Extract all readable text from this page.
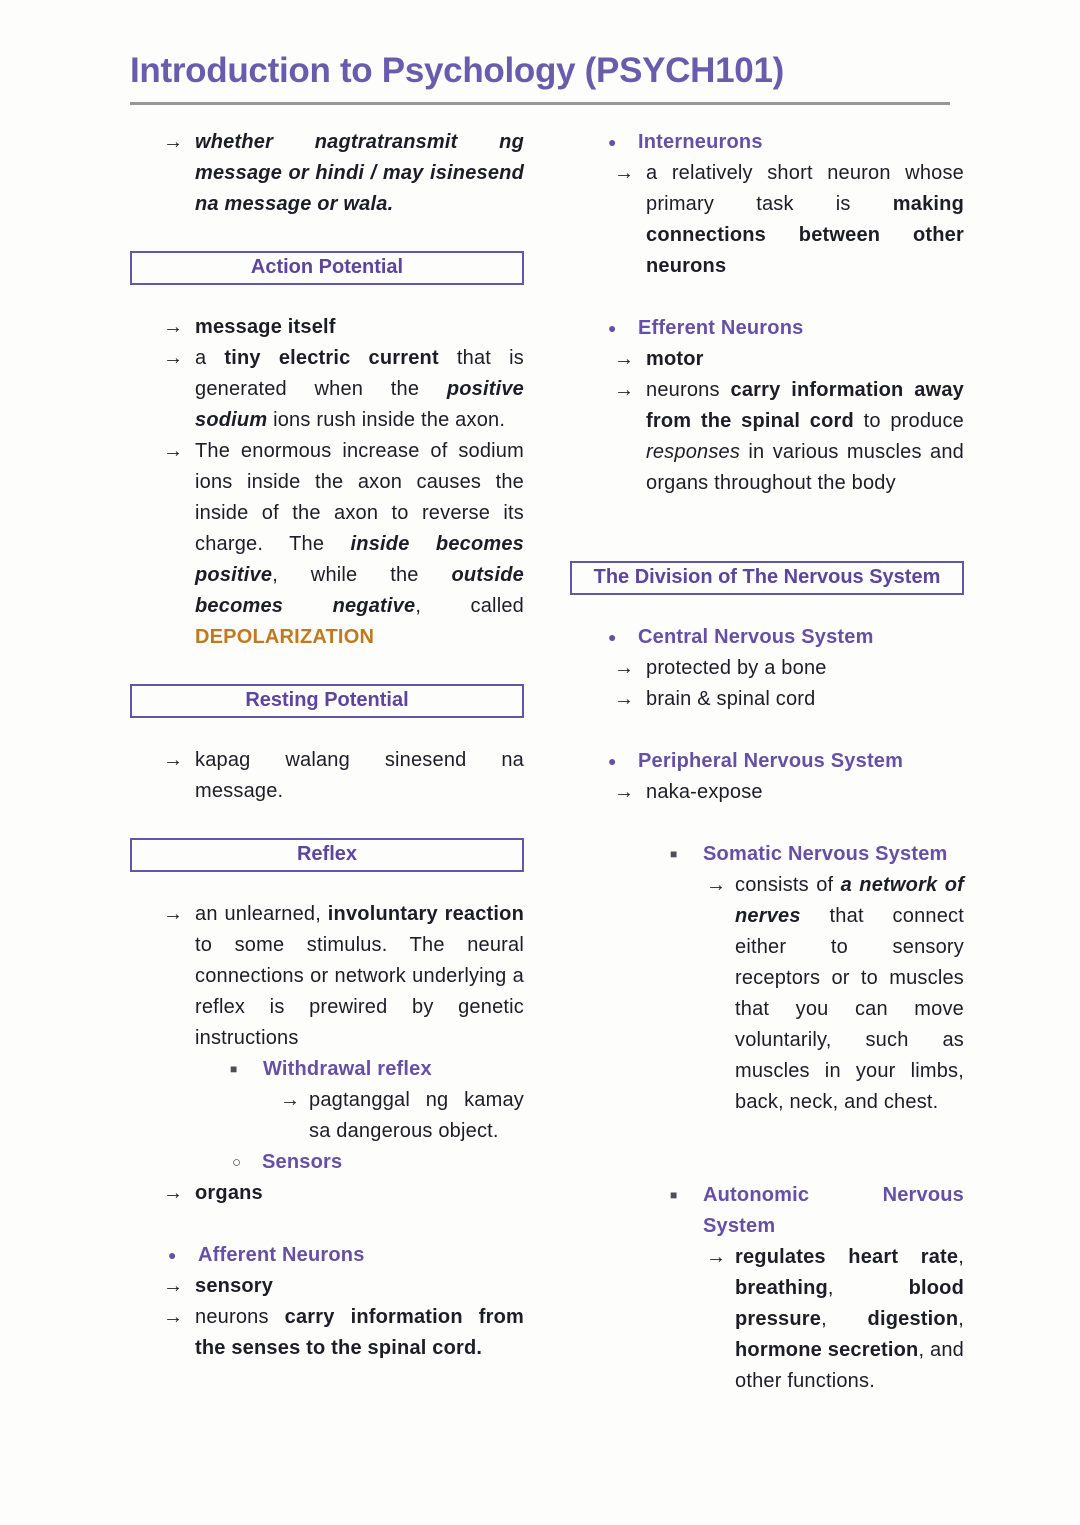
Introduction to Psychology (PSYCH101)
→ whether nagtratransmit ng message or hindi / may isinesend na message or wala.
Action Potential
→ message itself
→ a tiny electric current that is generated when the positive sodium ions rush inside the axon.
→ The enormous increase of sodium ions inside the axon causes the inside of the axon to reverse its charge. The inside becomes positive, while the outside becomes negative, called DEPOLARIZATION
Resting Potential
→ kapag walang sinesend na message.
Reflex
→ an unlearned, involuntary reaction to some stimulus. The neural connections or network underlying a reflex is prewired by genetic instructions
■	Withdrawal reflex
→ pagtanggal ng kamay sa dangerous object.
○	Sensors
→ organs
●	Afferent Neurons
→ sensory
→ neurons carry information from the senses to the spinal cord.
●	Interneurons
→ a relatively short neuron whose primary task is making connections between other neurons
●	Efferent Neurons
→ motor
→ neurons carry information away from the spinal cord to produce responses in various muscles and organs throughout the body
The Division of The Nervous System
●	Central Nervous System
→ protected by a bone
→ brain & spinal cord
●	Peripheral Nervous System
→ naka-expose
■	Somatic Nervous System
→ consists of a network of nerves that connect either to sensory receptors or to muscles that you can move voluntarily, such as muscles in your limbs, back, neck, and chest.
■	Autonomic Nervous System
→ regulates heart rate, breathing, blood pressure, digestion, hormone secretion, and other functions.
